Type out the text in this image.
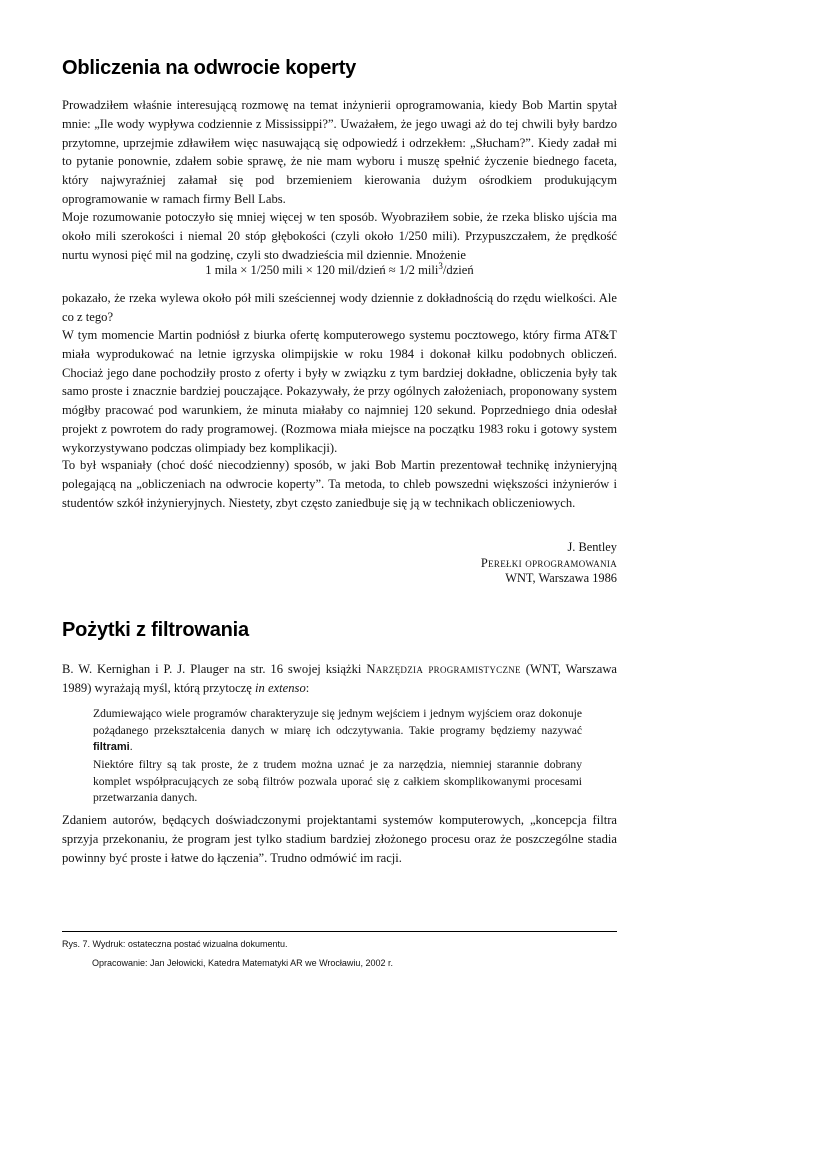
Obliczenia na odwrocie koperty

Prowadziłem właśnie interesującą rozmowę na temat inżynierii oprogramowania, kiedy Bob Martin spytał mnie: „Ile wody wypływa codziennie z Mississippi?”. Uważałem, że jego uwagi aż do tej chwili były bardzo przytomne, uprzejmie zdławiłem więc nasuwającą się odpowiedź i odrzekłem: „Słucham?”. Kiedy zadał mi to pytanie ponownie, zdałem sobie sprawę, że nie mam wyboru i muszę spełnić życzenie biednego faceta, który najwyraźniej załamał się pod brzemieniem kierowania dużym ośrodkiem produkującym oprogramowanie w ramach firmy Bell Labs.

Moje rozumowanie potoczyło się mniej więcej w ten sposób. Wyobraziłem sobie, że rzeka blisko ujścia ma około mili szerokości i niemal 20 stóp głębokości (czyli około 1/250 mili). Przypuszczałem, że prędkość nurtu wynosi pięć mil na godzinę, czyli sto dwadzieścia mil dziennie. Mnożenie

1 mila × 1/250 mili × 120 mil/dzień ≈ 1/2 mili$^3$/dzień

pokazało, że rzeka wylewa około pół mili sześciennej wody dziennie z dokładnością do rzędu wielkości. Ale co z tego?

W tym momencie Martin podniósł z biurka ofertę komputerowego systemu pocztowego, który firma AT&T miała wyprodukować na letnie igrzyska olimpijskie w roku 1984 i dokonał kilku podobnych obliczeń. Chociaż jego dane pochodziły prosto z oferty i były w związku z tym bardziej dokładne, obliczenia były tak samo proste i znacznie bardziej pouczające. Pokazywały, że przy ogólnych założeniach, proponowany system mógłby pracować pod warunkiem, że minuta miałaby co najmniej 120 sekund. Poprzedniego dnia odesłał projekt z powrotem do rady programowej. (Rozmowa miała miejsce na początku 1983 roku i gotowy system wykorzystywano podczas olimpiady bez komplikacji).

To był wspaniały (choć dość niecodzienny) sposób, w jaki Bob Martin prezentował technikę inżynieryjną polegającą na „obliczeniach na odwrocie koperty”. Ta metoda, to chleb powszedni większości inżynierów i studentów szkół inżynieryjnych. Niestety, zbyt często zaniedbuje się ją w technikach obliczeniowych.

J. Bentley
Perełki oprogramowania
WNT, Warszawa 1986
Pożytki z filtrowania

B. W. Kernighan i P. J. Plauger na str. 16 swojej książki Narzędzia programistyczne (WNT, Warszawa 1989) wyrażają myśl, którą przytoczę in extenso:

Zdumiewająco wiele programów charakteryzuje się jednym wejściem i jednym wyjściem oraz dokonuje pożądanego przekształcenia danych w miarę ich odczytywania. Takie programy będziemy nazywać filtrami.

Niektóre filtry są tak proste, że z trudem można uznać je za narzędzia, niemniej starannie dobrany komplet współpracujących ze sobą filtrów pozwala uporać się z całkiem skomplikowanymi procesami przetwarzania danych.

Zdaniem autorów, będących doświadczonymi projektantami systemów komputerowych, „koncepcja filtra sprzyja przekonaniu, że program jest tylko stadium bardziej złożonego procesu oraz że poszczególne stadia powinny być proste i łatwe do łączenia”. Trudno odmówić im racji.

Rys. 7. Wydruk: ostateczna postać wizualna dokumentu.
Opracowanie: Jan Jełowicki, Katedra Matematyki AR we Wrocławiu, 2002 r.
